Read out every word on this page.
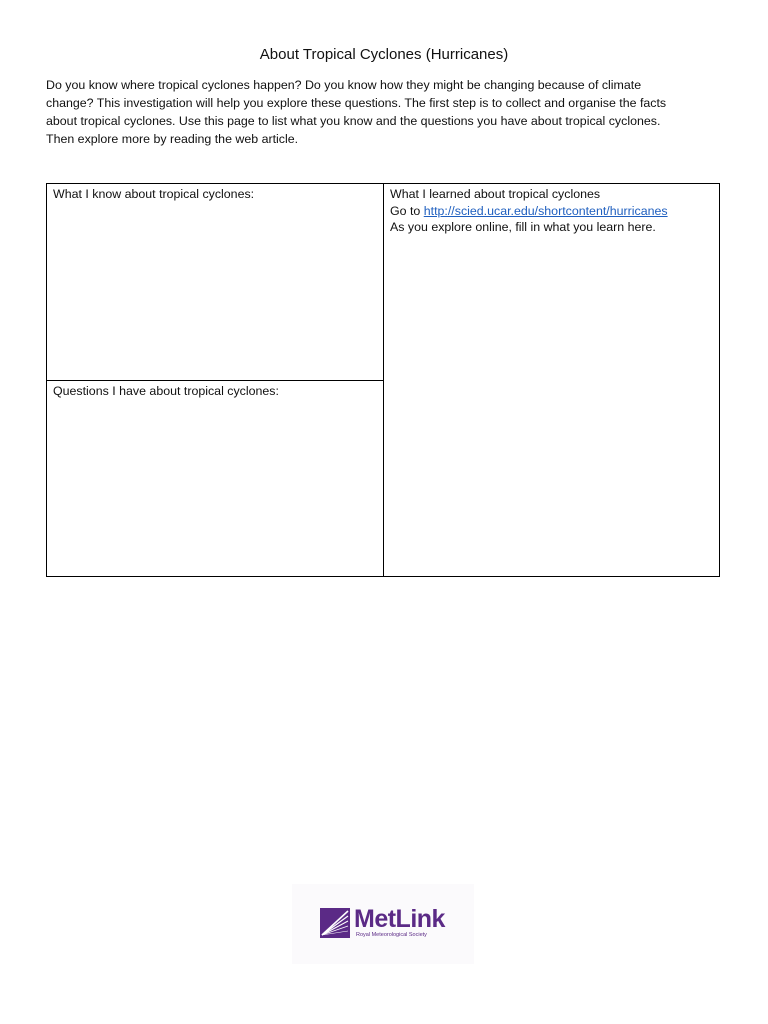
About Tropical Cyclones (Hurricanes)

Do you know where tropical cyclones happen? Do you know how they might be changing because of climate
change? This investigation will help you explore these questions. The first step is to collect and organise the facts
about tropical cyclones. Use this page to list what you know and the questions you have about tropical cyclones.
Then explore more by reading the web article.

What I know about tropical cyclones:
Questions I have about tropical cyclones:
What I learned about tropical cyclones
Go to http://scied.ucar.edu/shortcontent/hurricanes
As you explore online, fill in what you learn here.
MetLink
Royal Meteorological Society
